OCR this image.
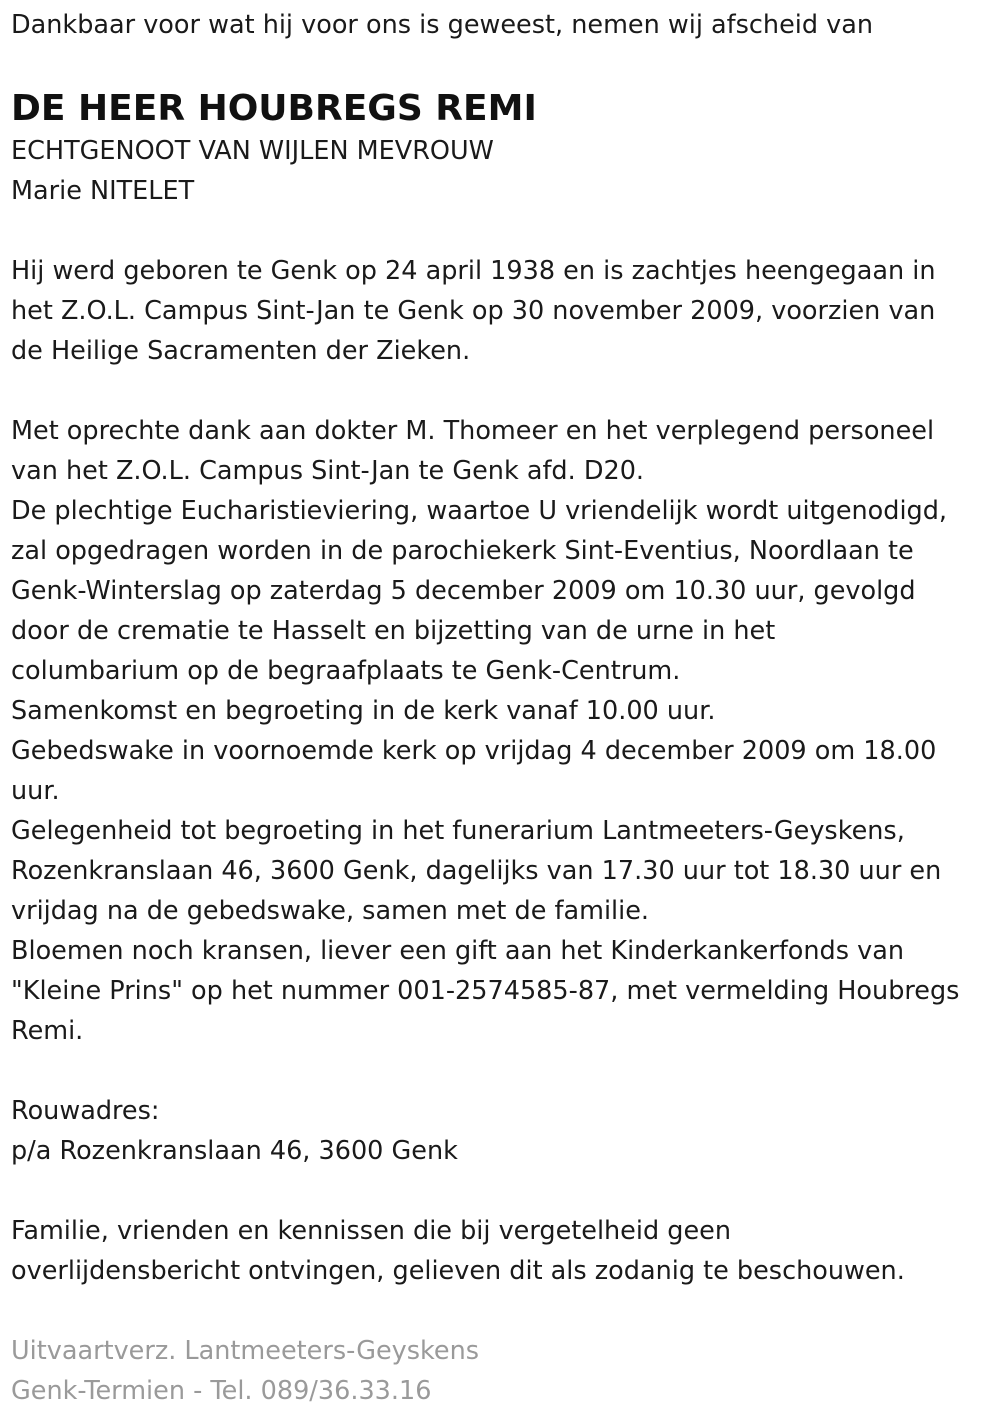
Dankbaar voor wat hij voor ons is geweest, nemen wij afscheid van
DE HEER HOUBREGS REMI
ECHTGENOOT VAN WIJLEN MEVROUW
Marie NITELET
Hij werd geboren te Genk op 24 april 1938 en is zachtjes heengegaan in
het Z.O.L. Campus Sint-Jan te Genk op 30 november 2009, voorzien van
de Heilige Sacramenten der Zieken.
Met oprechte dank aan dokter M. Thomeer en het verplegend personeel
van het Z.O.L. Campus Sint-Jan te Genk afd. D20.
De plechtige Eucharistieviering, waartoe U vriendelijk wordt uitgenodigd,
zal opgedragen worden in de parochiekerk Sint-Eventius, Noordlaan te
Genk-Winterslag op zaterdag 5 december 2009 om 10.30 uur, gevolgd
door de crematie te Hasselt en bijzetting van de urne in het
columbarium op de begraafplaats te Genk-Centrum.
Samenkomst en begroeting in de kerk vanaf 10.00 uur.
Gebedswake in voornoemde kerk op vrijdag 4 december 2009 om 18.00
uur.
Gelegenheid tot begroeting in het funerarium Lantmeeters-Geyskens,
Rozenkranslaan 46, 3600 Genk, dagelijks van 17.30 uur tot 18.30 uur en
vrijdag na de gebedswake, samen met de familie.
Bloemen noch kransen, liever een gift aan het Kinderkankerfonds van
"Kleine Prins" op het nummer 001-2574585-87, met vermelding Houbregs
Remi.
Rouwadres:
p/a Rozenkranslaan 46, 3600 Genk
Familie, vrienden en kennissen die bij vergetelheid geen
overlijdensbericht ontvingen, gelieven dit als zodanig te beschouwen.
Uitvaartverz. Lantmeeters-Geyskens
Genk-Termien - Tel. 089/36.33.16
